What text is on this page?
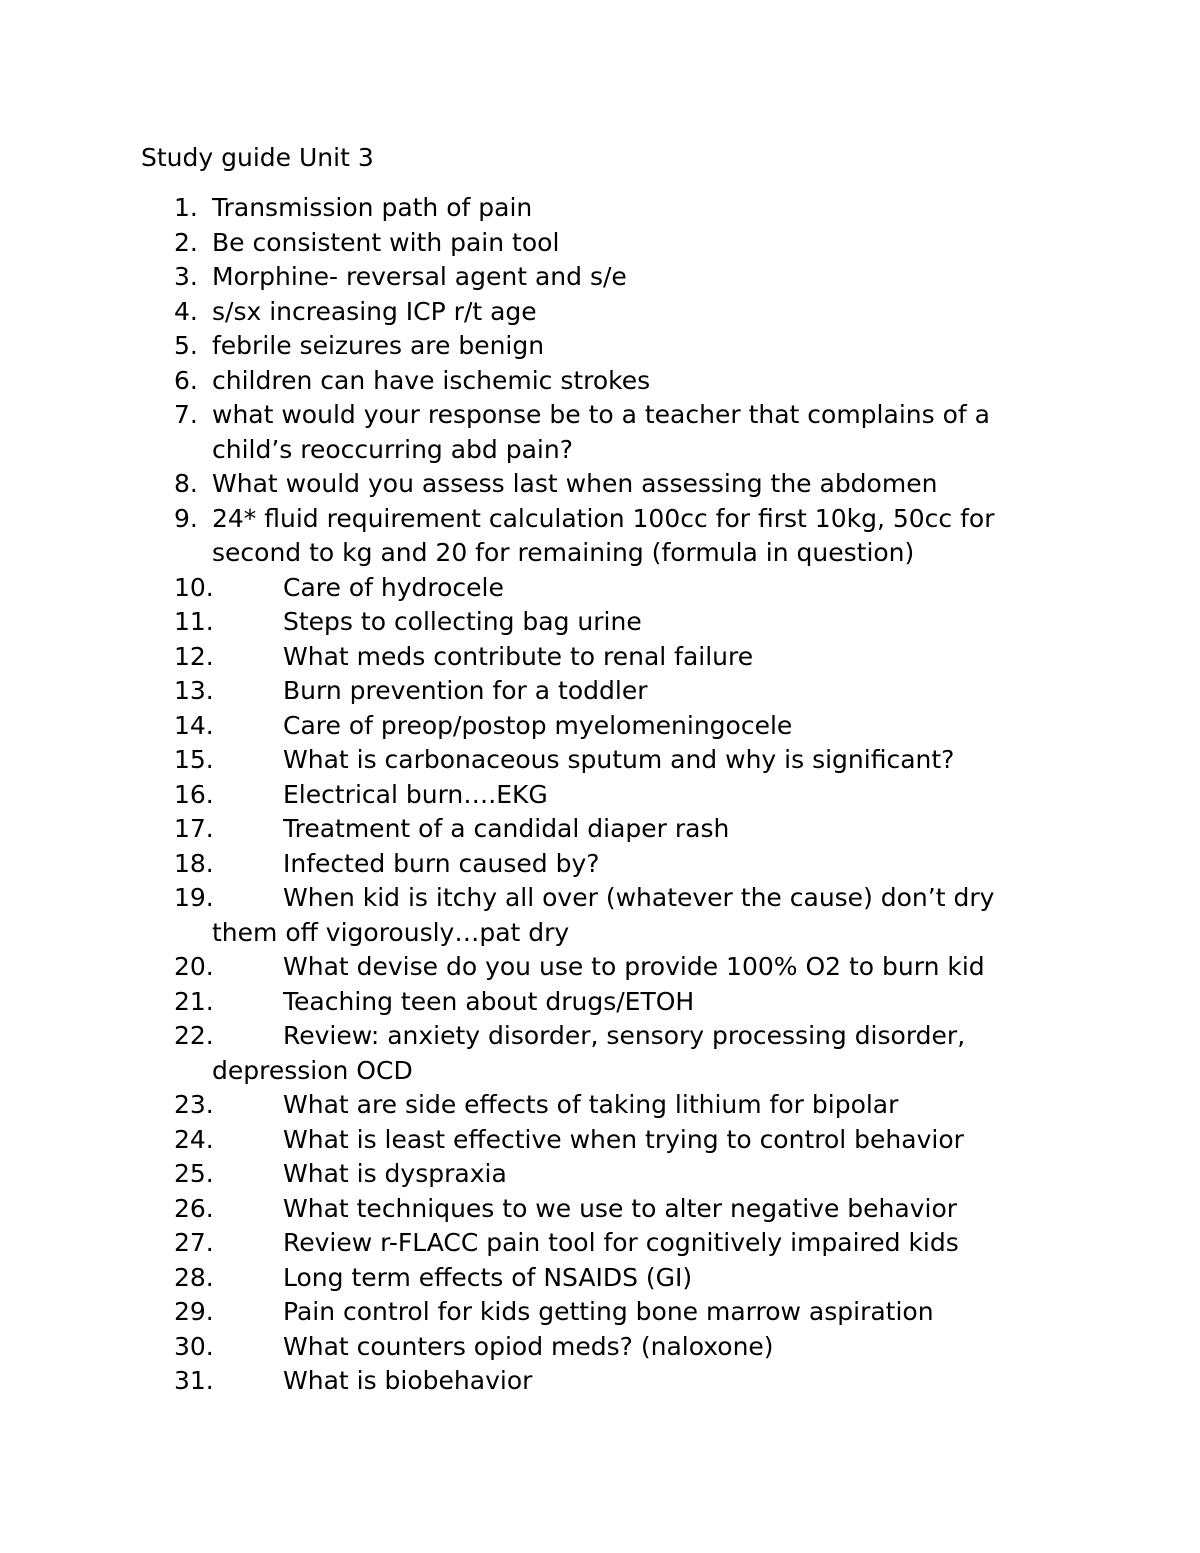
Study guide Unit 3
1. Transmission path of pain
2. Be consistent with pain tool
3. Morphine- reversal agent and s/e
4. s/sx increasing ICP r/t age
5. febrile seizures are benign
6. children can have ischemic strokes
7. what would your response be to a teacher that complains of a child’s reoccurring abd pain?
8. What would you assess last when assessing the abdomen
9. 24* fluid requirement calculation 100cc for first 10kg, 50cc for second to kg and 20 for remaining (formula in question)
10.	Care of hydrocele
11.	Steps to collecting bag urine
12.	What meds contribute to renal failure
13.	Burn prevention for a toddler
14.	Care of preop/postop myelomeningocele
15.	What is carbonaceous sputum and why is significant?
16.	Electrical burn….EKG
17.	Treatment of a candidal diaper rash
18.	Infected burn caused by?
19.	When kid is itchy all over (whatever the cause) don’t dry them off vigorously…pat dry
20.	What devise do you use to provide 100% O2 to burn kid
21.	Teaching teen about drugs/ETOH
22.	Review: anxiety disorder, sensory processing disorder, depression OCD
23.	What are side effects of taking lithium for bipolar
24.	What is least effective when trying to control behavior
25.	What is dyspraxia
26.	What techniques to we use to alter negative behavior
27.	Review r-FLACC pain tool for cognitively impaired kids
28.	Long term effects of NSAIDS (GI)
29.	Pain control for kids getting bone marrow aspiration
30.	What counters opiod meds? (naloxone)
31.	What is biobehavior
